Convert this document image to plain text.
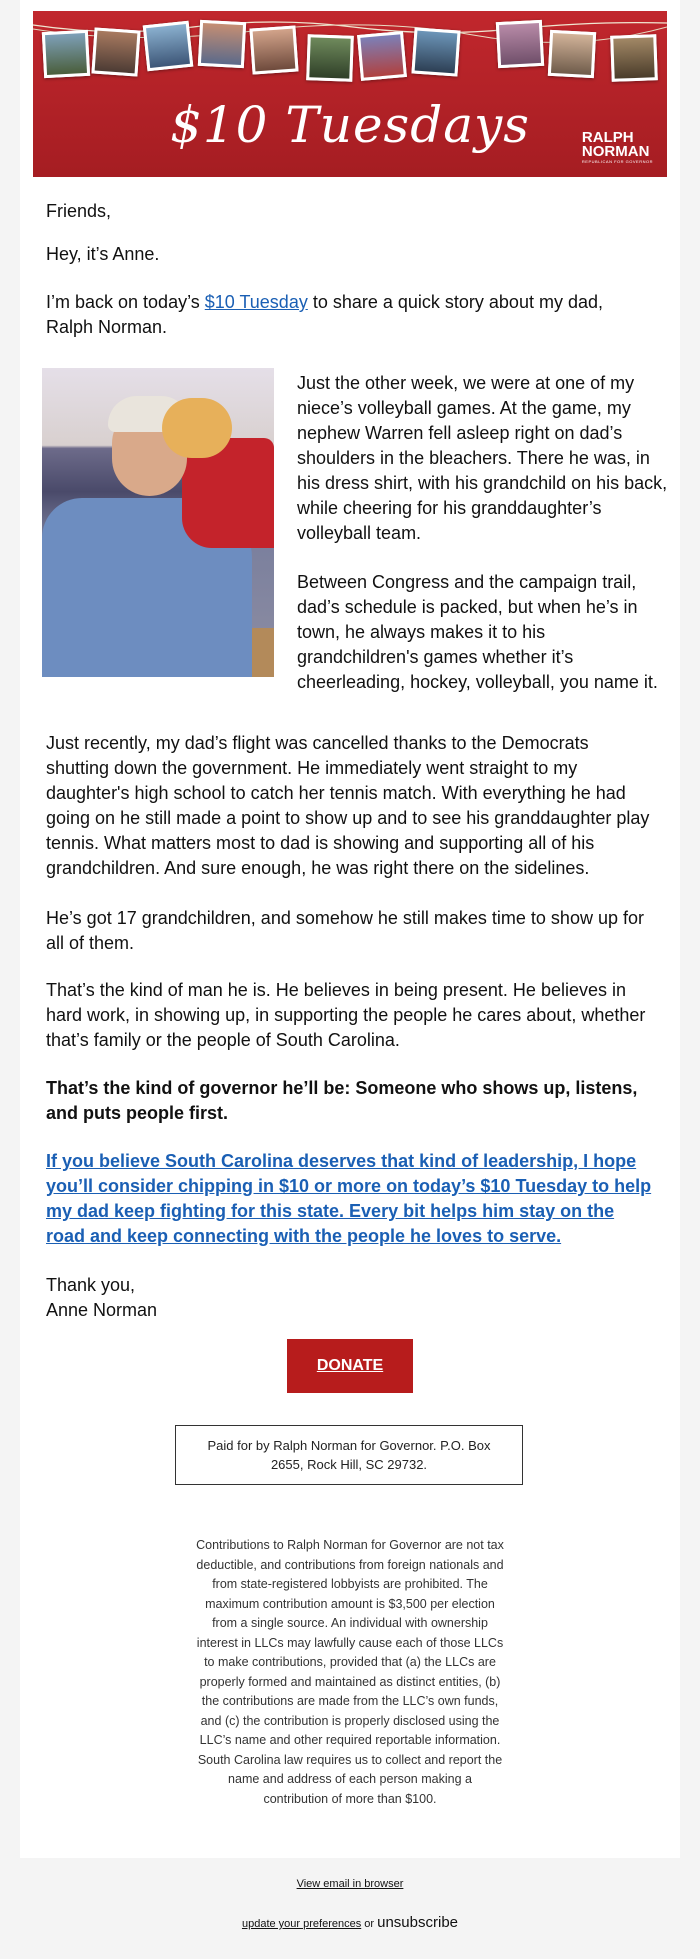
$10 Tuesdays	RALPH NORMAN
REPUBLICAN FOR GOVERNOR

Friends,

Hey, it’s Anne.

I’m back on today’s $10 Tuesday to share a quick story about my dad, Ralph Norman.

Just the other week, we were at one of my niece’s volleyball games. At the game, my nephew Warren fell asleep right on dad’s shoulders in the bleachers. There he was, in his dress shirt, with his grandchild on his back, while cheering for his granddaughter’s volleyball team.

Between Congress and the campaign trail, dad’s schedule is packed, but when he’s in town, he always makes it to his grandchildren's games whether it’s cheerleading, hockey, volleyball, you name it.

Just recently, my dad’s flight was cancelled thanks to the Democrats shutting down the government. He immediately went straight to my daughter's high school to catch her tennis match. With everything he had going on he still made a point to show up and to see his granddaughter play tennis. What matters most to dad is showing and supporting all of his grandchildren. And sure enough, he was right there on the sidelines.

He’s got 17 grandchildren, and somehow he still makes time to show up for all of them.

That’s the kind of man he is. He believes in being present. He believes in hard work, in showing up, in supporting the people he cares about, whether that’s family or the people of South Carolina.

That’s the kind of governor he’ll be: Someone who shows up, listens, and puts people first.

If you believe South Carolina deserves that kind of leadership, I hope you’ll consider chipping in $10 or more on today’s $10 Tuesday to help my dad keep fighting for this state. Every bit helps him stay on the road and keep connecting with the people he loves to serve.

Thank you,

Anne Norman

DONATE
Paid for by Ralph Norman for Governor. P.O. Box 2655, Rock Hill, SC 29732.
Contributions to Ralph Norman for Governor are not tax deductible, and contributions from foreign nationals and from state-registered lobbyists are prohibited. The maximum contribution amount is $3,500 per election from a single source. An individual with ownership interest in LLCs may lawfully cause each of those LLCs to make contributions, provided that (a) the LLCs are properly formed and maintained as distinct entities, (b) the contributions are made from the LLC’s own funds, and (c) the contribution is properly disclosed using the LLC’s name and other required reportable information. South Carolina law requires us to collect and report the name and address of each person making a contribution of more than $100.
View email in browser
update your preferences or unsubscribe
